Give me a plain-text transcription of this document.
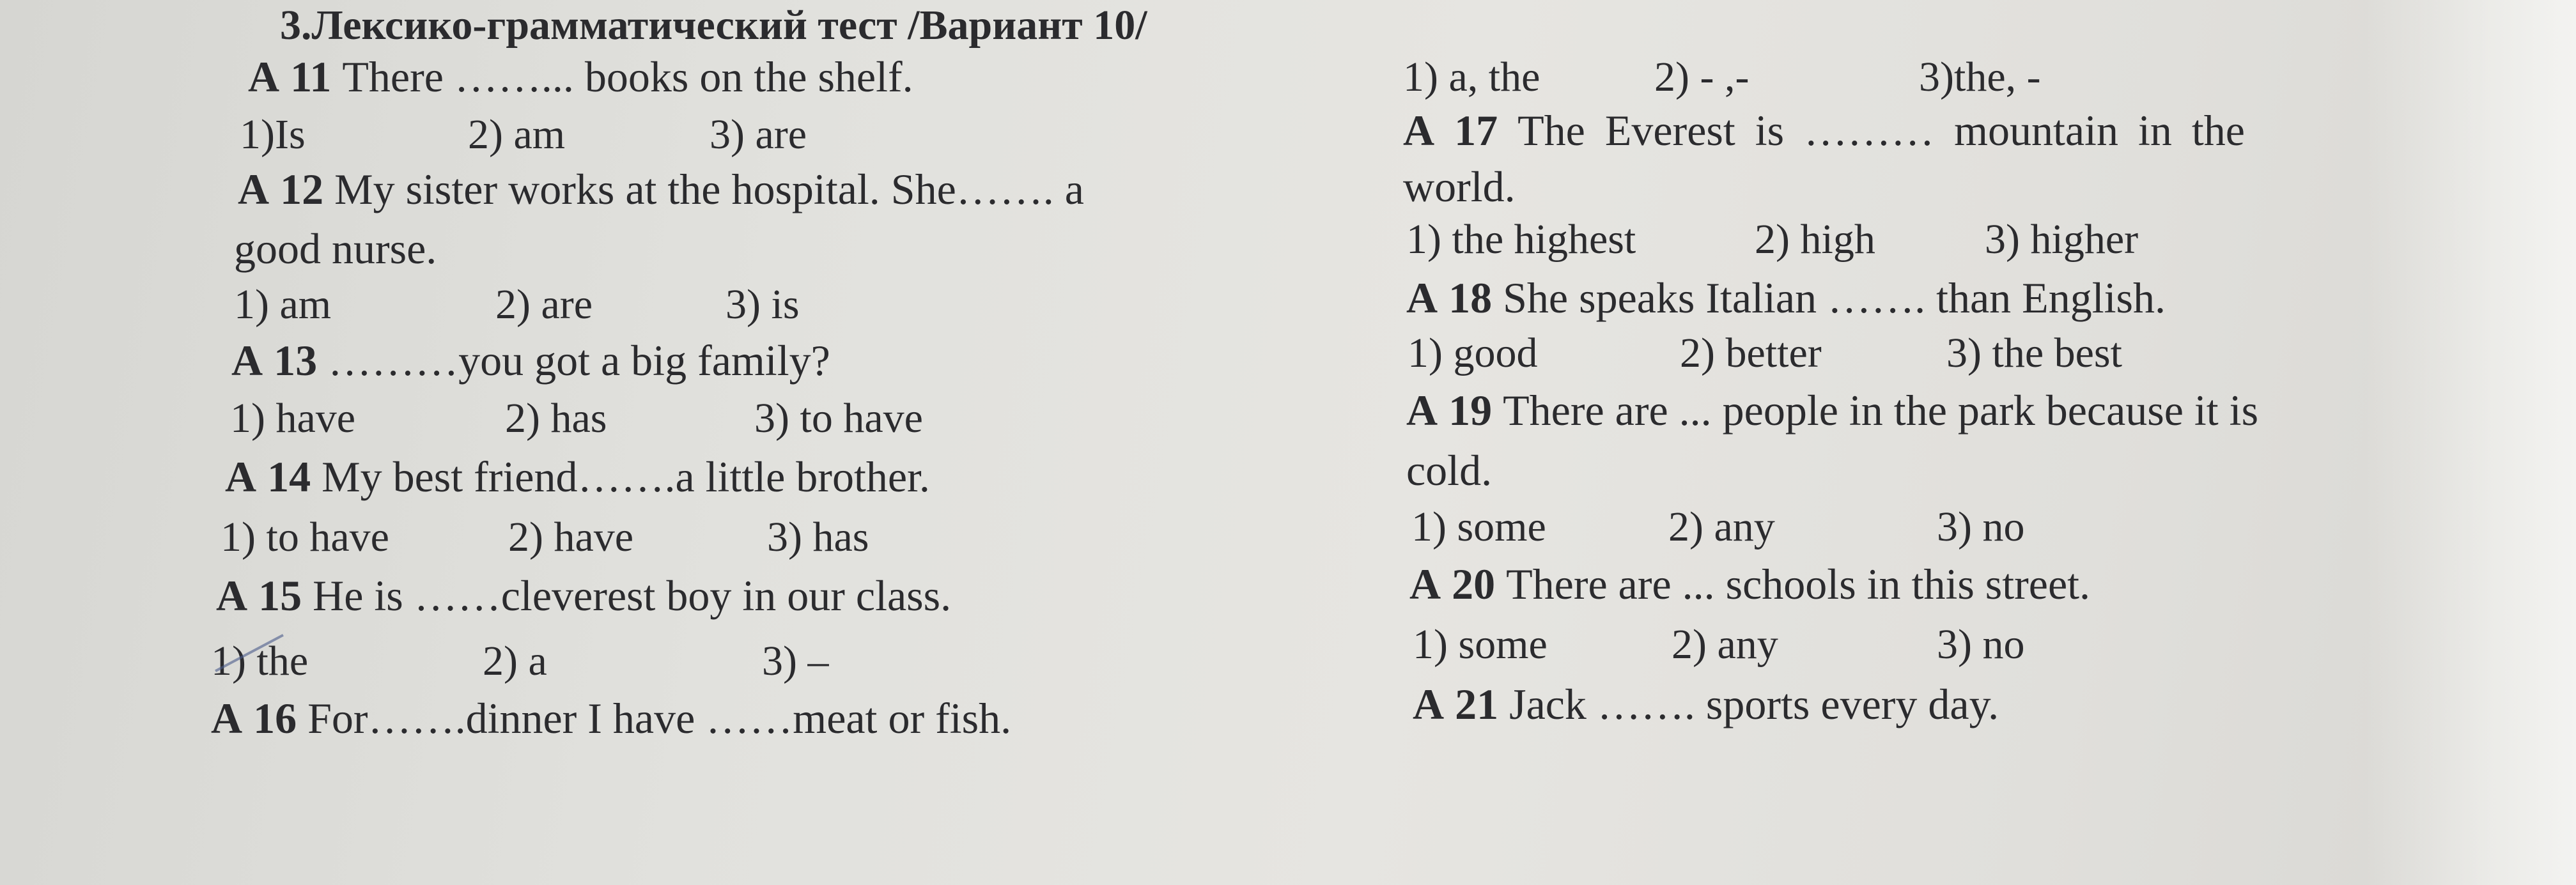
3.Лексико-грамматический тест /Вариант 10/
А 11 There ……... books on the shelf.
1)Is	2) am	3) are
А 12 My sister works at the hospital. She……. a
good nurse.
1) am	2) are	3) is
А 13 ………you got a big family?
1) have	2) has	3) to have
А 14 My best friend…….a little brother.
1) to have	2) have	3) has
А 15 He is ……cleverest boy in our class.
1) the	2) a	3) –
А 16 For…….dinner I have ……meat or fish.
1) a, the	2) - ,-	3)the, -
А 17 The Everest is ……… mountain in the
world.
1) the highest	2) high	3) higher
А 18 She speaks Italian ……. than English.
1) good	2) better	3) the best
А 19 There are ... people in the park because it is
cold.
1) some	2) any	3) no
А 20 There are ... schools in this street.
1) some	2) any	3) no
А 21 Jack ……. sports every day.
